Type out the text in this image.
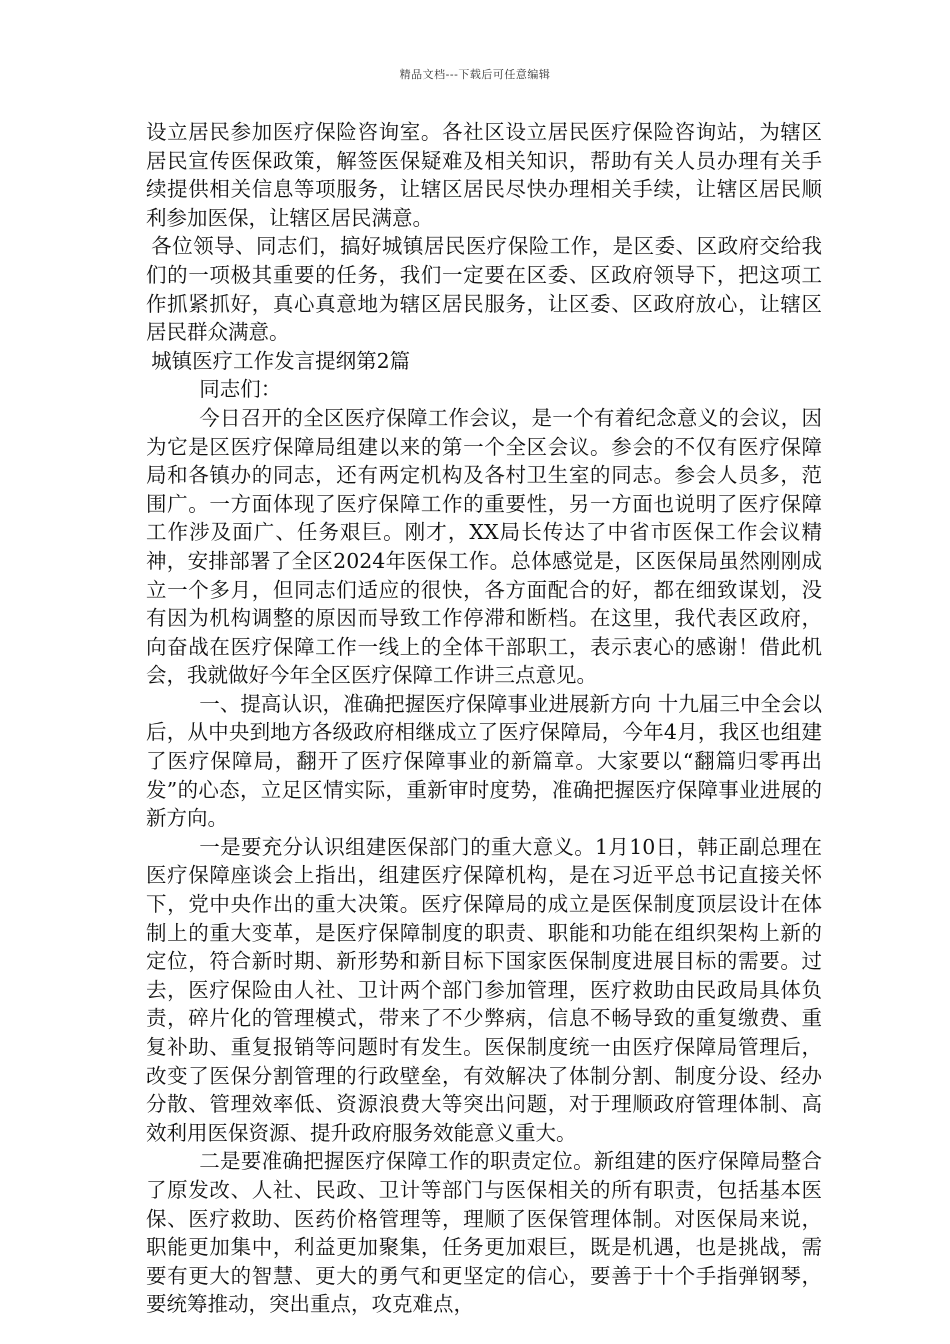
精品文档---下载后可任意编辑

设立居民参加医疗保险咨询室。各社区设立居民医疗保险咨询站，为辖区居民宣传医保政策，解签医保疑难及相关知识，帮助有关人员办理有关手续提供相关信息等项服务，让辖区居民尽快办理相关手续，让辖区居民顺利参加医保，让辖区居民满意。

各位领导、同志们，搞好城镇居民医疗保险工作，是区委、区政府交给我们的一项极其重要的任务，我们一定要在区委、区政府领导下，把这项工作抓紧抓好，真心真意地为辖区居民服务，让区委、区政府放心，让辖区居民群众满意。

城镇医疗工作发言提纲第2篇

同志们：

今日召开的全区医疗保障工作会议，是一个有着纪念意义的会议，因为它是区医疗保障局组建以来的第一个全区会议。参会的不仅有医疗保障局和各镇办的同志，还有两定机构及各村卫生室的同志。参会人员多，范围广。一方面体现了医疗保障工作的重要性，另一方面也说明了医疗保障工作涉及面广、任务艰巨。刚才，XX局长传达了中省市医保工作会议精神，安排部署了全区2024年医保工作。总体感觉是，区医保局虽然刚刚成立一个多月，但同志们适应的很快，各方面配合的好，都在细致谋划，没有因为机构调整的原因而导致工作停滞和断档。在这里，我代表区政府，向奋战在医疗保障工作一线上的全体干部职工，表示衷心的感谢！借此机会，我就做好今年全区医疗保障工作讲三点意见。

一、提高认识，准确把握医疗保障事业进展新方向 十九届三中全会以后，从中央到地方各级政府相继成立了医疗保障局，今年4月，我区也组建了医疗保障局，翻开了医疗保障事业的新篇章。大家要以“翻篇归零再出发”的心态，立足区情实际，重新审时度势，准确把握医疗保障事业进展的新方向。

一是要充分认识组建医保部门的重大意义。1月10日，韩正副总理在医疗保障座谈会上指出，组建医疗保障机构，是在习近平总书记直接关怀下，党中央作出的重大决策。医疗保障局的成立是医保制度顶层设计在体制上的重大变革，是医疗保障制度的职责、职能和功能在组织架构上新的定位，符合新时期、新形势和新目标下国家医保制度进展目标的需要。过去，医疗保险由人社、卫计两个部门参加管理，医疗救助由民政局具体负责，碎片化的管理模式，带来了不少弊病，信息不畅导致的重复缴费、重复补助、重复报销等问题时有发生。医保制度统一由医疗保障局管理后，改变了医保分割管理的行政壁垒，有效解决了体制分割、制度分设、经办分散、管理效率低、资源浪费大等突出问题，对于理顺政府管理体制、高效利用医保资源、提升政府服务效能意义重大。

二是要准确把握医疗保障工作的职责定位。新组建的医疗保障局整合了原发改、人社、民政、卫计等部门与医保相关的所有职责，包括基本医保、医疗救助、医药价格管理等，理顺了医保管理体制。对医保局来说，职能更加集中，利益更加聚集，任务更加艰巨，既是机遇，也是挑战，需要有更大的智慧、更大的勇气和更坚定的信心，要善于十个手指弹钢琴，要统筹推动，突出重点，攻克难点，
